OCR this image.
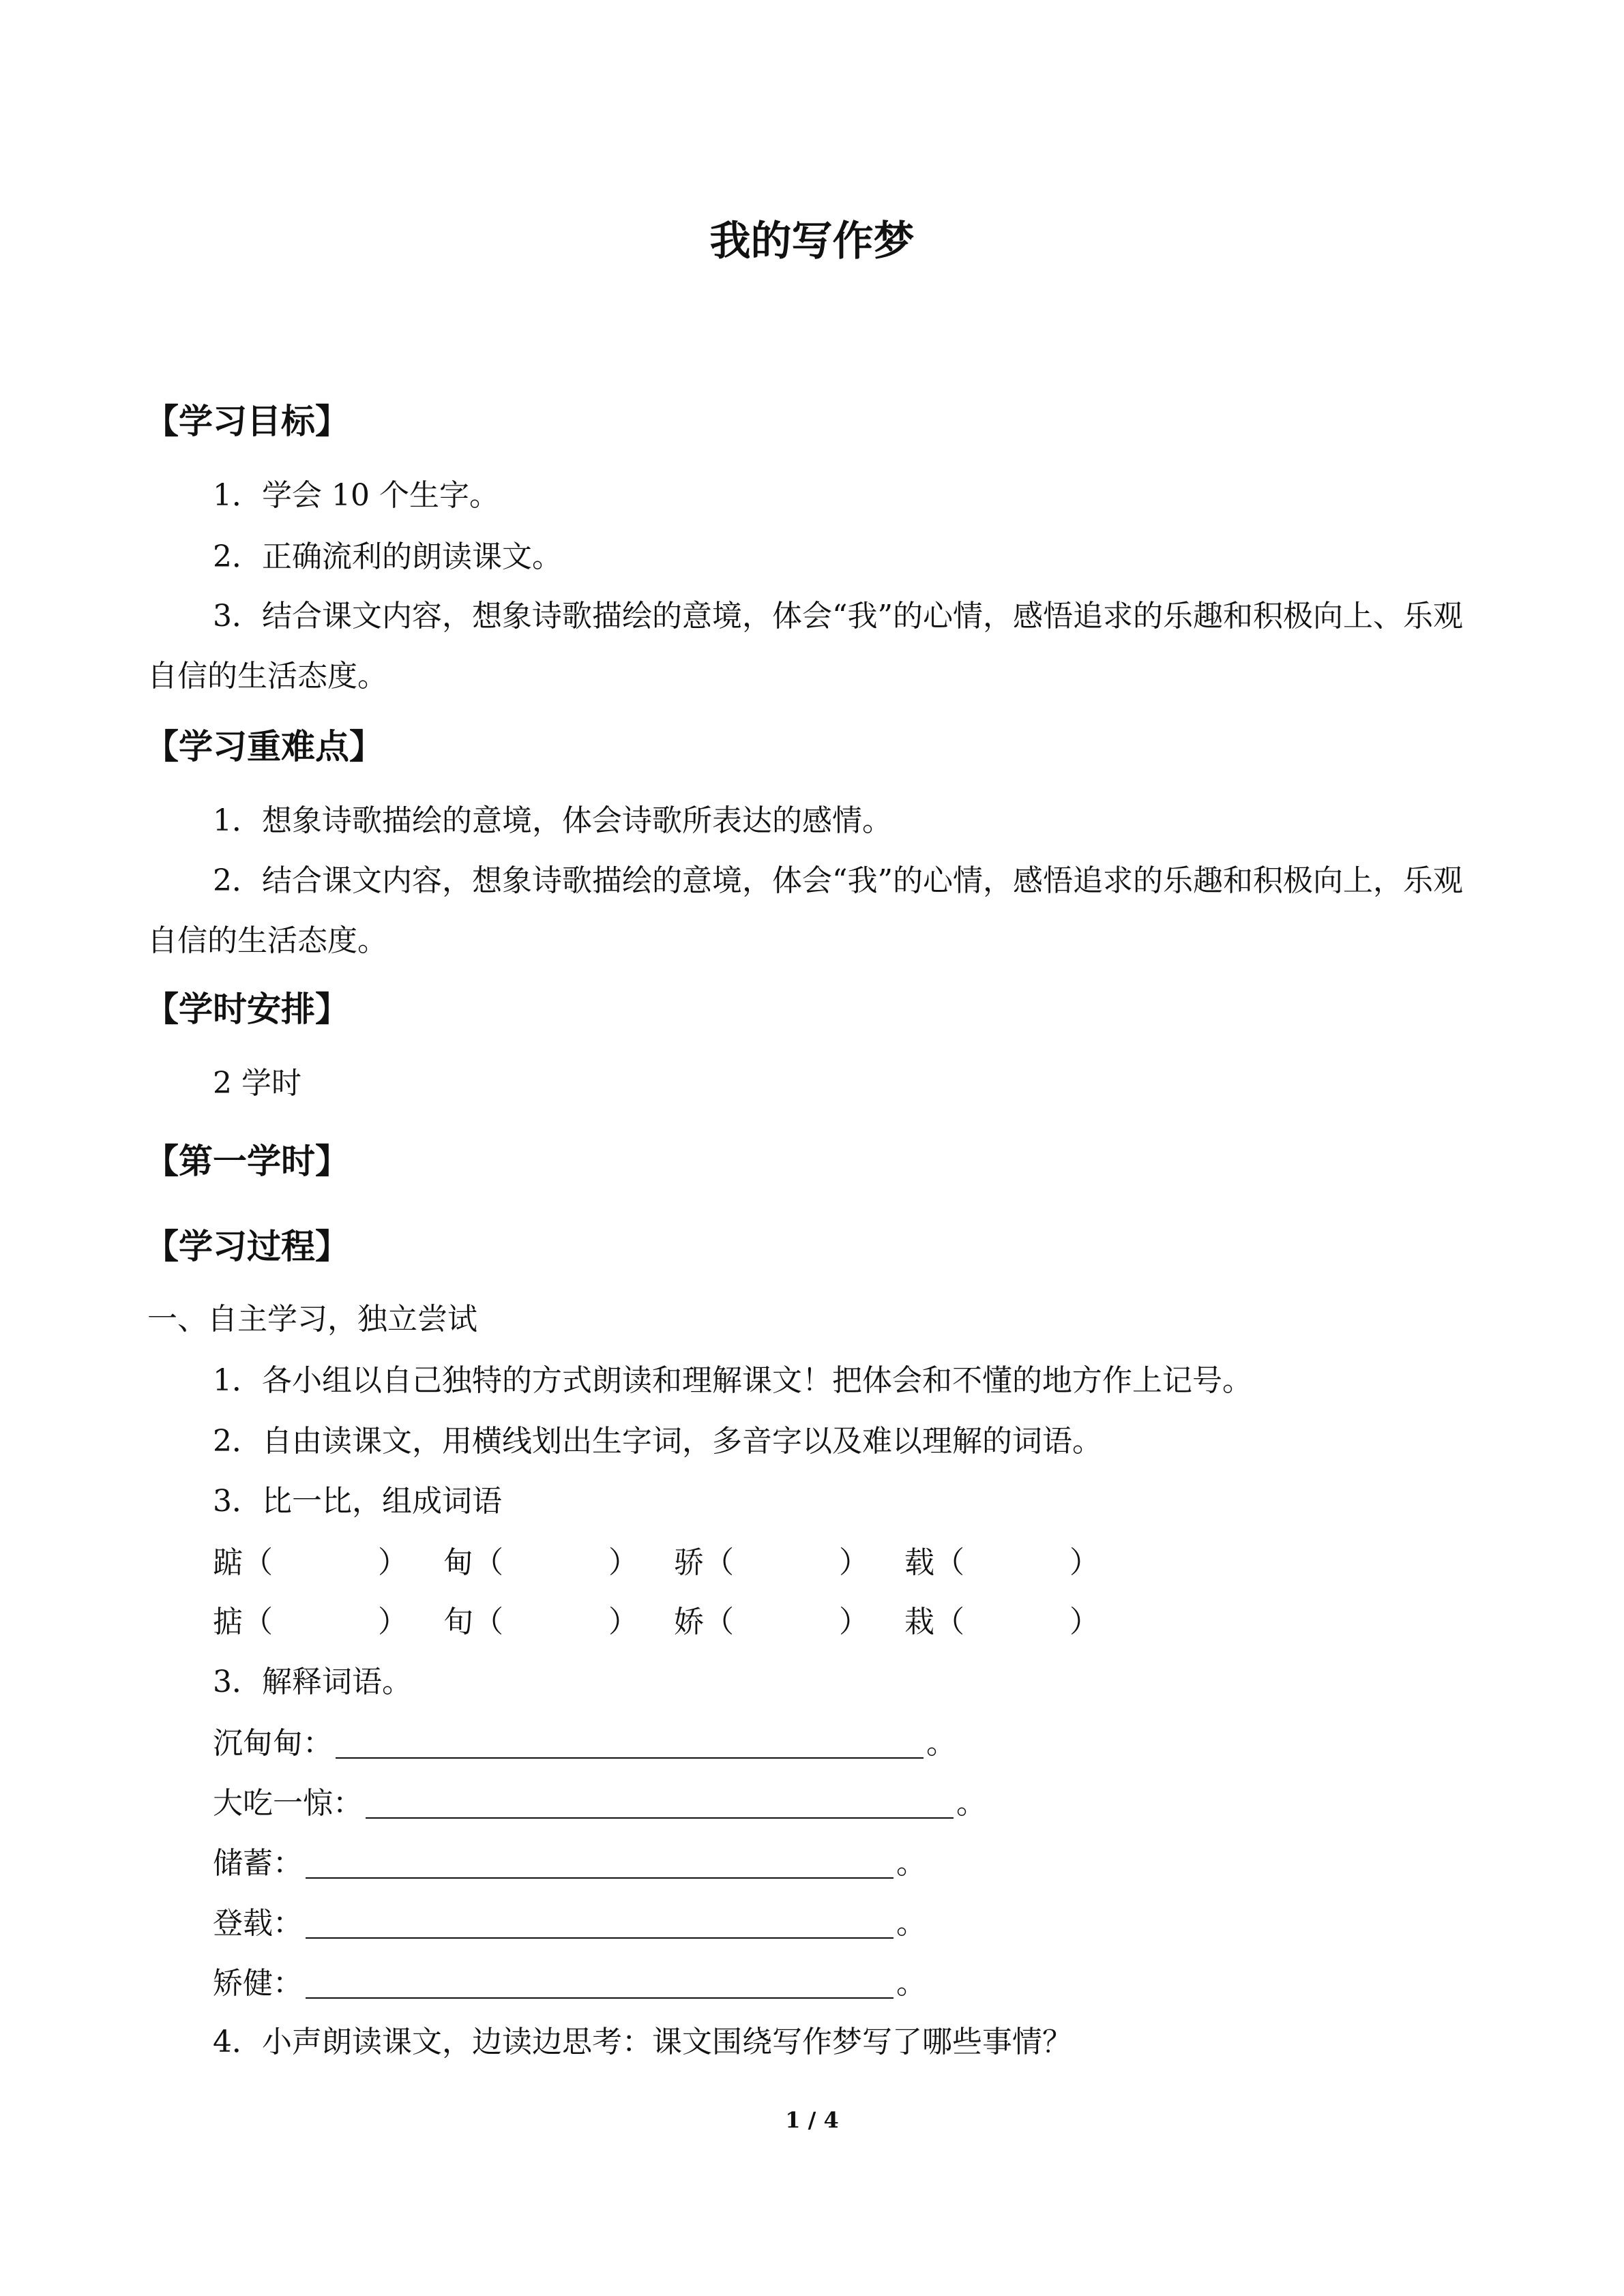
我的写作梦
【学习目标】
1．学会 10 个生字。
2．正确流利的朗读课文。
3．结合课文内容，想象诗歌描绘的意境，体会“我”的心情，感悟追求的乐趣和积极向上、乐观自信的生活态度。
【学习重难点】
1．想象诗歌描绘的意境，体会诗歌所表达的感情。
2．结合课文内容，想象诗歌描绘的意境，体会“我”的心情，感悟追求的乐趣和积极向上，乐观自信的生活态度。
【学时安排】
2 学时
【第一学时】
【学习过程】
一、自主学习，独立尝试
1．各小组以自己独特的方式朗读和理解课文！把体会和不懂的地方作上记号。
2．自由读课文，用横线划出生字词，多音字以及难以理解的词语。
3．比一比，组成词语
踮（	） 甸（	） 骄（	） 载（	）
掂（	） 旬（	） 娇（	） 栽（	）
3．解释词语。
沉甸甸：	。
大吃一惊：	。
储蓄：	。
登载：	。
矫健：	。
4．小声朗读课文，边读边思考：课文围绕写作梦写了哪些事情？
1 / 4
